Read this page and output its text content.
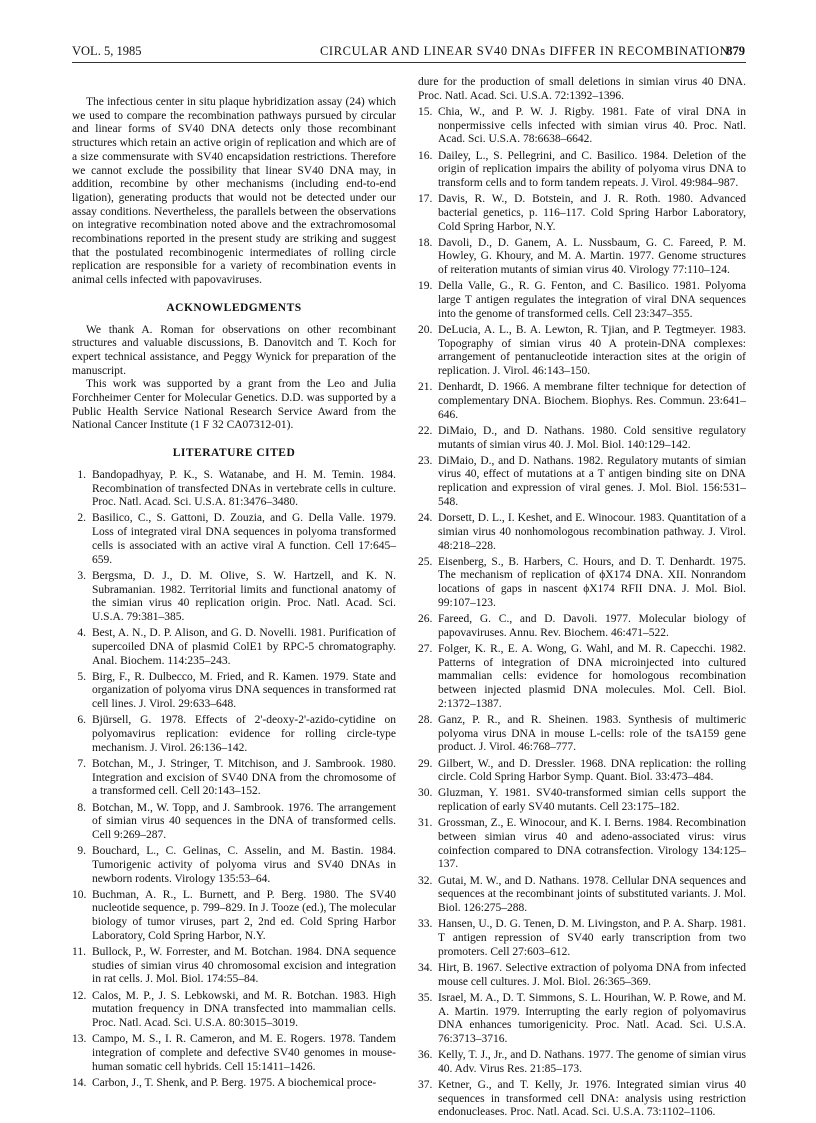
VOL. 5, 1985	CIRCULAR AND LINEAR SV40 DNAs DIFFER IN RECOMBINATION
879

The infectious center in situ plaque hybridization assay (24) which we used to compare the recombination pathways pursued by circular and linear forms of SV40 DNA detects only those recombinant structures which retain an active origin of replication and which are of a size commensurate with SV40 encapsidation restrictions. Therefore we cannot exclude the possibility that linear SV40 DNA may, in addition, recombine by other mechanisms (including end-to-end ligation), generating products that would not be detected under our assay conditions. Nevertheless, the parallels between the observations on integrative recombination noted above and the extrachromosomal recombinations reported in the present study are striking and suggest that the postulated recombinogenic intermediates of rolling circle replication are responsible for a variety of recombination events in animal cells infected with papovaviruses.

ACKNOWLEDGMENTS

We thank A. Roman for observations on other recombinant structures and valuable discussions, B. Danovitch and T. Koch for expert technical assistance, and Peggy Wynick for preparation of the manuscript.

This work was supported by a grant from the Leo and Julia Forchheimer Center for Molecular Genetics. D.D. was supported by a Public Health Service National Research Service Award from the National Cancer Institute (1 F 32 CA07312-01).

LITERATURE CITED
1. Bandopadhyay, P. K., S. Watanabe, and H. M. Temin. 1984. Recombination of transfected DNAs in vertebrate cells in culture. Proc. Natl. Acad. Sci. U.S.A. 81:3476–3480.
2. Basilico, C., S. Gattoni, D. Zouzia, and G. Della Valle. 1979. Loss of integrated viral DNA sequences in polyoma transformed cells is associated with an active viral A function. Cell 17:645–659.
3. Bergsma, D. J., D. M. Olive, S. W. Hartzell, and K. N. Subramanian. 1982. Territorial limits and functional anatomy of the simian virus 40 replication origin. Proc. Natl. Acad. Sci. U.S.A. 79:381–385.
4. Best, A. N., D. P. Alison, and G. D. Novelli. 1981. Purification of supercoiled DNA of plasmid ColE1 by RPC-5 chromatography. Anal. Biochem. 114:235–243.
5. Birg, F., R. Dulbecco, M. Fried, and R. Kamen. 1979. State and organization of polyoma virus DNA sequences in transformed rat cell lines. J. Virol. 29:633–648.
6. Bjürsell, G. 1978. Effects of 2'-deoxy-2'-azido-cytidine on polyomavirus replication: evidence for rolling circle-type mechanism. J. Virol. 26:136–142.
7. Botchan, M., J. Stringer, T. Mitchison, and J. Sambrook. 1980. Integration and excision of SV40 DNA from the chromosome of a transformed cell. Cell 20:143–152.
8. Botchan, M., W. Topp, and J. Sambrook. 1976. The arrangement of simian virus 40 sequences in the DNA of transformed cells. Cell 9:269–287.
9. Bouchard, L., C. Gelinas, C. Asselin, and M. Bastin. 1984. Tumorigenic activity of polyoma virus and SV40 DNAs in newborn rodents. Virology 135:53–64.
10. Buchman, A. R., L. Burnett, and P. Berg. 1980. The SV40 nucleotide sequence, p. 799–829. In J. Tooze (ed.), The molecular biology of tumor viruses, part 2, 2nd ed. Cold Spring Harbor Laboratory, Cold Spring Harbor, N.Y.
11. Bullock, P., W. Forrester, and M. Botchan. 1984. DNA sequence studies of simian virus 40 chromosomal excision and integration in rat cells. J. Mol. Biol. 174:55–84.
12. Calos, M. P., J. S. Lebkowski, and M. R. Botchan. 1983. High mutation frequency in DNA transfected into mammalian cells. Proc. Natl. Acad. Sci. U.S.A. 80:3015–3019.
13. Campo, M. S., I. R. Cameron, and M. E. Rogers. 1978. Tandem integration of complete and defective SV40 genomes in mouse-human somatic cell hybrids. Cell 15:1411–1426.
14. Carbon, J., T. Shenk, and P. Berg. 1975. A biochemical proce-
dure for the production of small deletions in simian virus 40 DNA. Proc. Natl. Acad. Sci. U.S.A. 72:1392–1396.
15. Chia, W., and P. W. J. Rigby. 1981. Fate of viral DNA in nonpermissive cells infected with simian virus 40. Proc. Natl. Acad. Sci. U.S.A. 78:6638–6642.
16. Dailey, L., S. Pellegrini, and C. Basilico. 1984. Deletion of the origin of replication impairs the ability of polyoma virus DNA to transform cells and to form tandem repeats. J. Virol. 49:984–987.
17. Davis, R. W., D. Botstein, and J. R. Roth. 1980. Advanced bacterial genetics, p. 116–117. Cold Spring Harbor Laboratory, Cold Spring Harbor, N.Y.
18. Davoli, D., D. Ganem, A. L. Nussbaum, G. C. Fareed, P. M. Howley, G. Khoury, and M. A. Martin. 1977. Genome structures of reiteration mutants of simian virus 40. Virology 77:110–124.
19. Della Valle, G., R. G. Fenton, and C. Basilico. 1981. Polyoma large T antigen regulates the integration of viral DNA sequences into the genome of transformed cells. Cell 23:347–355.
20. DeLucia, A. L., B. A. Lewton, R. Tjian, and P. Tegtmeyer. 1983. Topography of simian virus 40 A protein-DNA complexes: arrangement of pentanucleotide interaction sites at the origin of replication. J. Virol. 46:143–150.
21. Denhardt, D. 1966. A membrane filter technique for detection of complementary DNA. Biochem. Biophys. Res. Commun. 23:641–646.
22. DiMaio, D., and D. Nathans. 1980. Cold sensitive regulatory mutants of simian virus 40. J. Mol. Biol. 140:129–142.
23. DiMaio, D., and D. Nathans. 1982. Regulatory mutants of simian virus 40, effect of mutations at a T antigen binding site on DNA replication and expression of viral genes. J. Mol. Biol. 156:531–548.
24. Dorsett, D. L., I. Keshet, and E. Winocour. 1983. Quantitation of a simian virus 40 nonhomologous recombination pathway. J. Virol. 48:218–228.
25. Eisenberg, S., B. Harbers, C. Hours, and D. T. Denhardt. 1975. The mechanism of replication of ϕX174 DNA. XII. Nonrandom locations of gaps in nascent ϕX174 RFII DNA. J. Mol. Biol. 99:107–123.
26. Fareed, G. C., and D. Davoli. 1977. Molecular biology of papovaviruses. Annu. Rev. Biochem. 46:471–522.
27. Folger, K. R., E. A. Wong, G. Wahl, and M. R. Capecchi. 1982. Patterns of integration of DNA microinjected into cultured mammalian cells: evidence for homologous recombination between injected plasmid DNA molecules. Mol. Cell. Biol. 2:1372–1387.
28. Ganz, P. R., and R. Sheinen. 1983. Synthesis of multimeric polyoma virus DNA in mouse L-cells: role of the tsA159 gene product. J. Virol. 46:768–777.
29. Gilbert, W., and D. Dressler. 1968. DNA replication: the rolling circle. Cold Spring Harbor Symp. Quant. Biol. 33:473–484.
30. Gluzman, Y. 1981. SV40-transformed simian cells support the replication of early SV40 mutants. Cell 23:175–182.
31. Grossman, Z., E. Winocour, and K. I. Berns. 1984. Recombination between simian virus 40 and adeno-associated virus: virus coinfection compared to DNA cotransfection. Virology 134:125–137.
32. Gutai, M. W., and D. Nathans. 1978. Cellular DNA sequences and sequences at the recombinant joints of substituted variants. J. Mol. Biol. 126:275–288.
33. Hansen, U., D. G. Tenen, D. M. Livingston, and P. A. Sharp. 1981. T antigen repression of SV40 early transcription from two promoters. Cell 27:603–612.
34. Hirt, B. 1967. Selective extraction of polyoma DNA from infected mouse cell cultures. J. Mol. Biol. 26:365–369.
35. Israel, M. A., D. T. Simmons, S. L. Hourihan, W. P. Rowe, and M. A. Martin. 1979. Interrupting the early region of polyomavirus DNA enhances tumorigenicity. Proc. Natl. Acad. Sci. U.S.A. 76:3713–3716.
36. Kelly, T. J., Jr., and D. Nathans. 1977. The genome of simian virus 40. Adv. Virus Res. 21:85–173.
37. Ketner, G., and T. Kelly, Jr. 1976. Integrated simian virus 40 sequences in transformed cell DNA: analysis using restriction endonucleases. Proc. Natl. Acad. Sci. U.S.A. 73:1102–1106.
